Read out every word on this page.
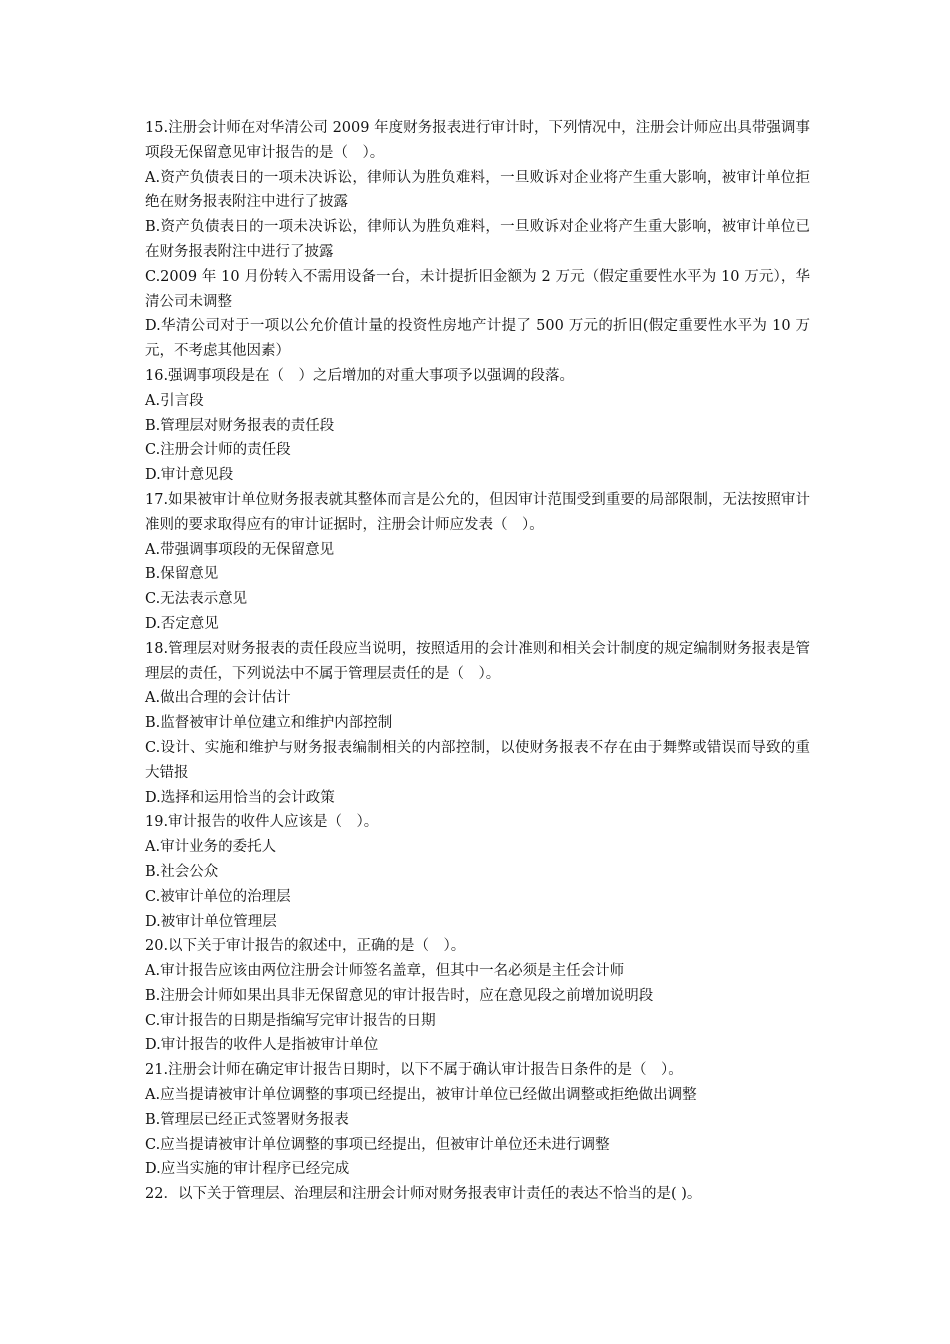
15.注册会计师在对华清公司 2009 年度财务报表进行审计时，下列情况中，注册会计师应出具带强调事项段无保留意见审计报告的是（　）。

A.资产负债表日的一项未决诉讼，律师认为胜负难料，一旦败诉对企业将产生重大影响，被审计单位拒绝在财务报表附注中进行了披露

B.资产负债表日的一项未决诉讼，律师认为胜负难料，一旦败诉对企业将产生重大影响，被审计单位已在财务报表附注中进行了披露

C.2009 年 10 月份转入不需用设备一台，未计提折旧金额为 2 万元（假定重要性水平为 10 万元），华清公司未调整

D.华清公司对于一项以公允价值计量的投资性房地产计提了 500 万元的折旧(假定重要性水平为 10 万元，不考虑其他因素）

16.强调事项段是在（　）之后增加的对重大事项予以强调的段落。

A.引言段

B.管理层对财务报表的责任段

C.注册会计师的责任段

D.审计意见段

17.如果被审计单位财务报表就其整体而言是公允的，但因审计范围受到重要的局部限制，无法按照审计准则的要求取得应有的审计证据时，注册会计师应发表（　）。

A.带强调事项段的无保留意见

B.保留意见

C.无法表示意见

D.否定意见

18.管理层对财务报表的责任段应当说明，按照适用的会计准则和相关会计制度的规定编制财务报表是管理层的责任，下列说法中不属于管理层责任的是（　）。

A.做出合理的会计估计

B.监督被审计单位建立和维护内部控制

C.设计、实施和维护与财务报表编制相关的内部控制，以使财务报表不存在由于舞弊或错误而导致的重大错报

D.选择和运用恰当的会计政策

19.审计报告的收件人应该是（　）。

A.审计业务的委托人

B.社会公众

C.被审计单位的治理层

D.被审计单位管理层

20.以下关于审计报告的叙述中，正确的是（　）。

A.审计报告应该由两位注册会计师签名盖章，但其中一名必须是主任会计师

B.注册会计师如果出具非无保留意见的审计报告时，应在意见段之前增加说明段

C.审计报告的日期是指编写完审计报告的日期

D.审计报告的收件人是指被审计单位

21.注册会计师在确定审计报告日期时，以下不属于确认审计报告日条件的是（　）。

A.应当提请被审计单位调整的事项已经提出，被审计单位已经做出调整或拒绝做出调整

B.管理层已经正式签署财务报表

C.应当提请被审计单位调整的事项已经提出，但被审计单位还未进行调整

D.应当实施的审计程序已经完成

22．以下关于管理层、治理层和注册会计师对财务报表审计责任的表达不恰当的是( )。
